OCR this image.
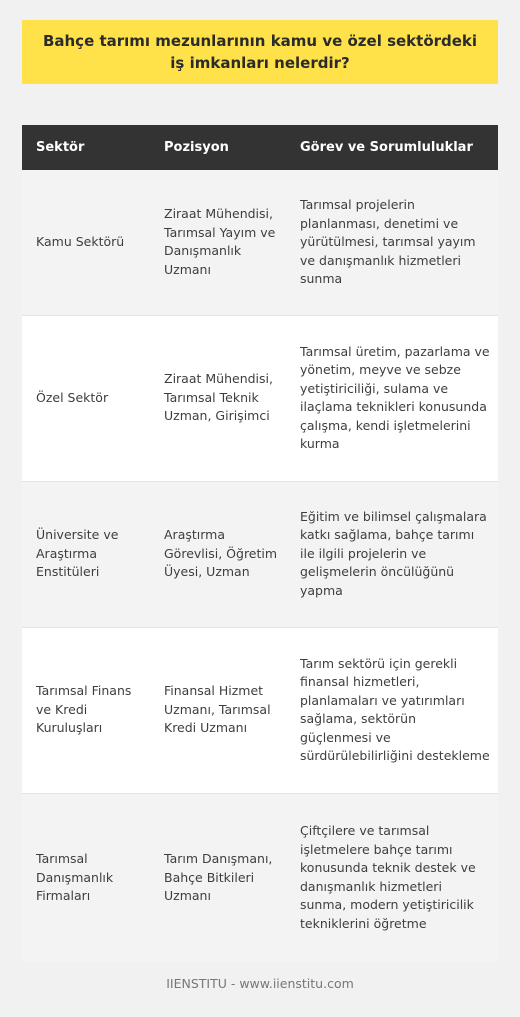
Bahçe tarımı mezunlarının kamu ve özel sektördeki iş imkanları nelerdir?
Sektör	Pozisyon	Görev ve Sorumluluklar
Kamu Sektörü	Ziraat Mühendisi, Tarımsal Yayım ve Danışmanlık Uzmanı	Tarımsal projelerin planlanması, denetimi ve yürütülmesi, tarımsal yayım ve danışmanlık hizmetleri sunma
Özel Sektör	Ziraat Mühendisi, Tarımsal Teknik Uzman, Girişimci	Tarımsal üretim, pazarlama ve yönetim, meyve ve sebze yetiştiriciliği, sulama ve ilaçlama teknikleri konusunda çalışma, kendi işletmelerini kurma
Üniversite ve Araştırma Enstitüleri	Araştırma Görevlisi, Öğretim Üyesi, Uzman	Eğitim ve bilimsel çalışmalara katkı sağlama, bahçe tarımı ile ilgili projelerin ve gelişmelerin öncülüğünü yapma
Tarımsal Finans ve Kredi Kuruluşları	Finansal Hizmet Uzmanı, Tarımsal Kredi Uzmanı	Tarım sektörü için gerekli finansal hizmetleri, planlamaları ve yatırımları sağlama, sektörün güçlenmesi ve sürdürülebilirliğini destekleme
Tarımsal Danışmanlık Firmaları	Tarım Danışmanı, Bahçe Bitkileri Uzmanı	Çiftçilere ve tarımsal işletmelere bahçe tarımı konusunda teknik destek ve danışmanlık hizmetleri sunma, modern yetiştiricilik tekniklerini öğretme
IIENSTITU - www.iienstitu.com
